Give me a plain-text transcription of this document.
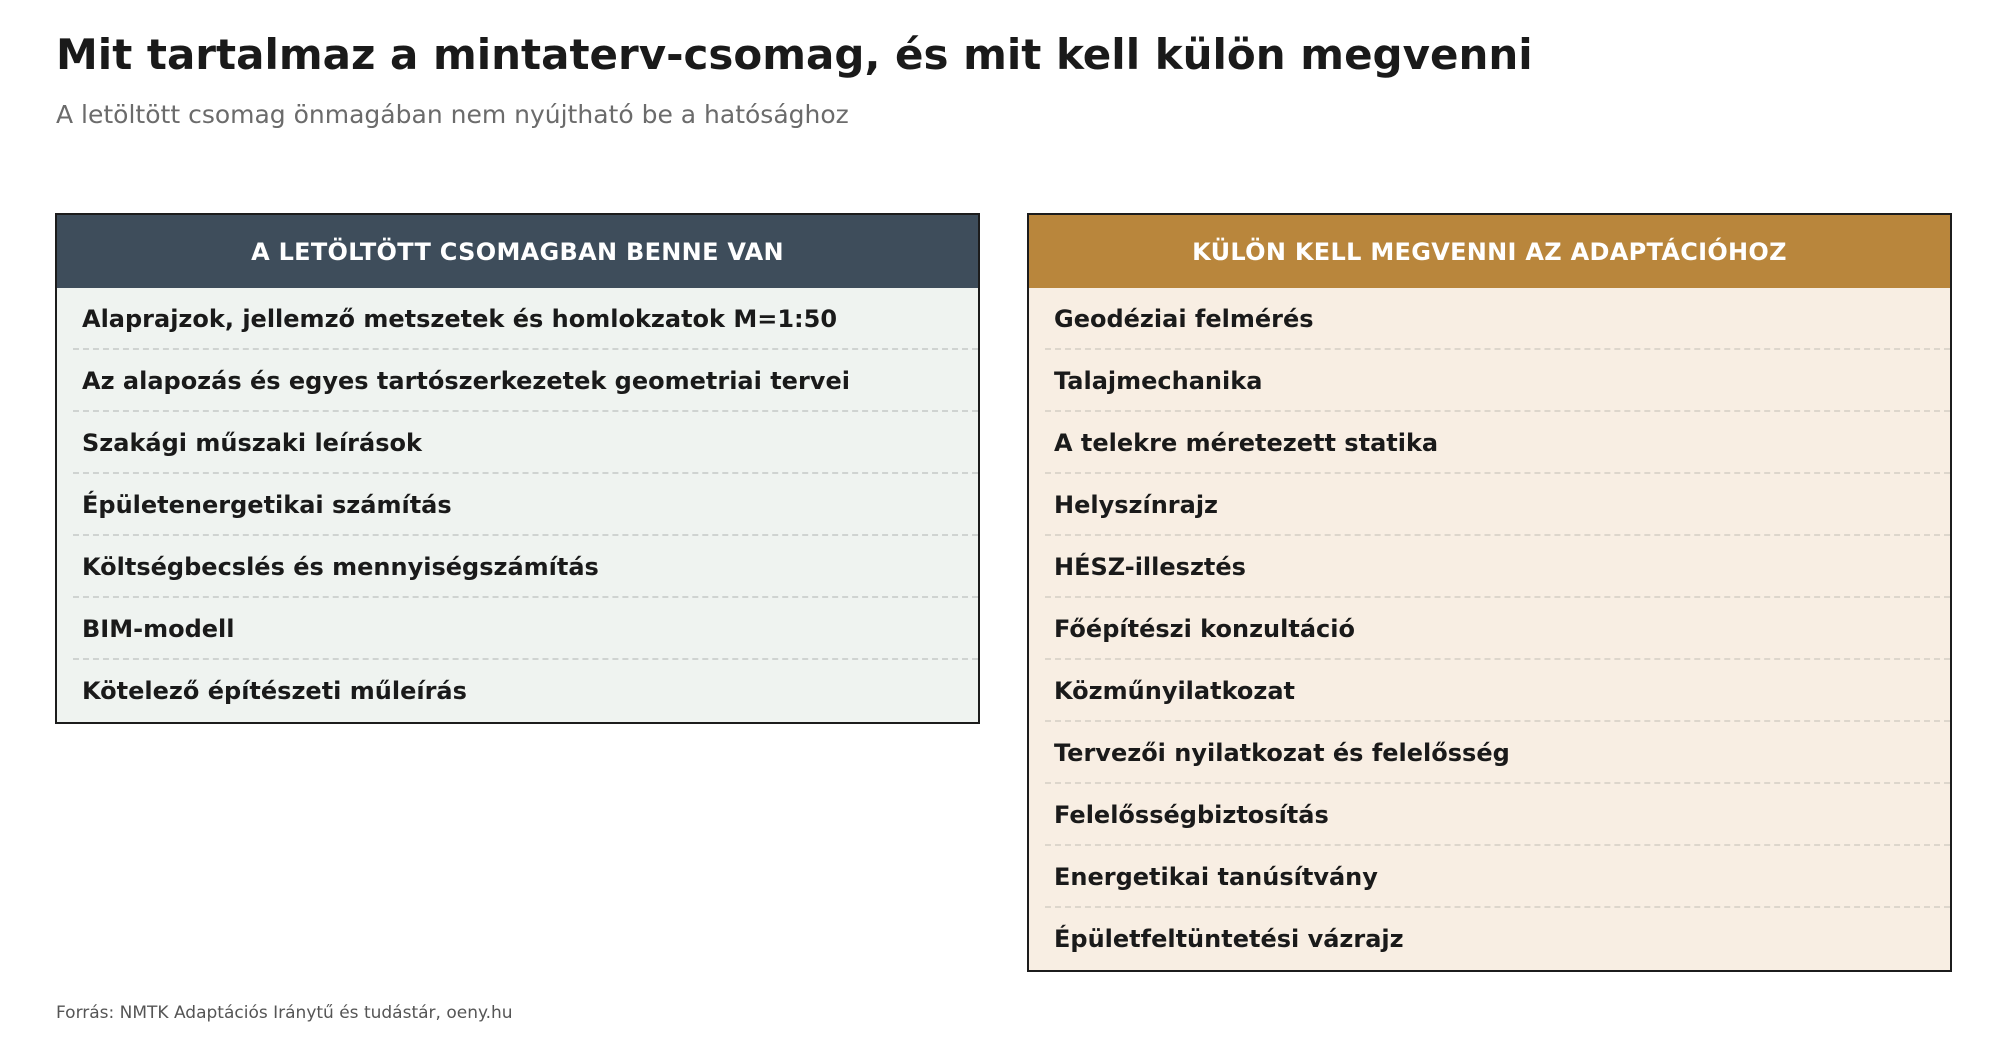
Mit tartalmaz a mintaterv-csomag, és mit kell külön megvenni
A letöltött csomag önmagában nem nyújtható be a hatósághoz
A LETÖLTÖTT CSOMAGBAN BENNE VAN
Alaprajzok, jellemző metszetek és homlokzatok M=1:50
Az alapozás és egyes tartószerkezetek geometriai tervei
Szakági műszaki leírások
Épületenergetikai számítás
Költségbecslés és mennyiségszámítás
BIM-modell
Kötelező építészeti műleírás
KÜLÖN KELL MEGVENNI AZ ADAPTÁCIÓHOZ
Geodéziai felmérés
Talajmechanika
A telekre méretezett statika
Helyszínrajz
HÉSZ-illesztés
Főépítészi konzultáció
Közműnyilatkozat
Tervezői nyilatkozat és felelősség
Felelősségbiztosítás
Energetikai tanúsítvány
Épületfeltüntetési vázrajz
Forrás: NMTK Adaptációs Iránytű és tudástár, oeny.hu
